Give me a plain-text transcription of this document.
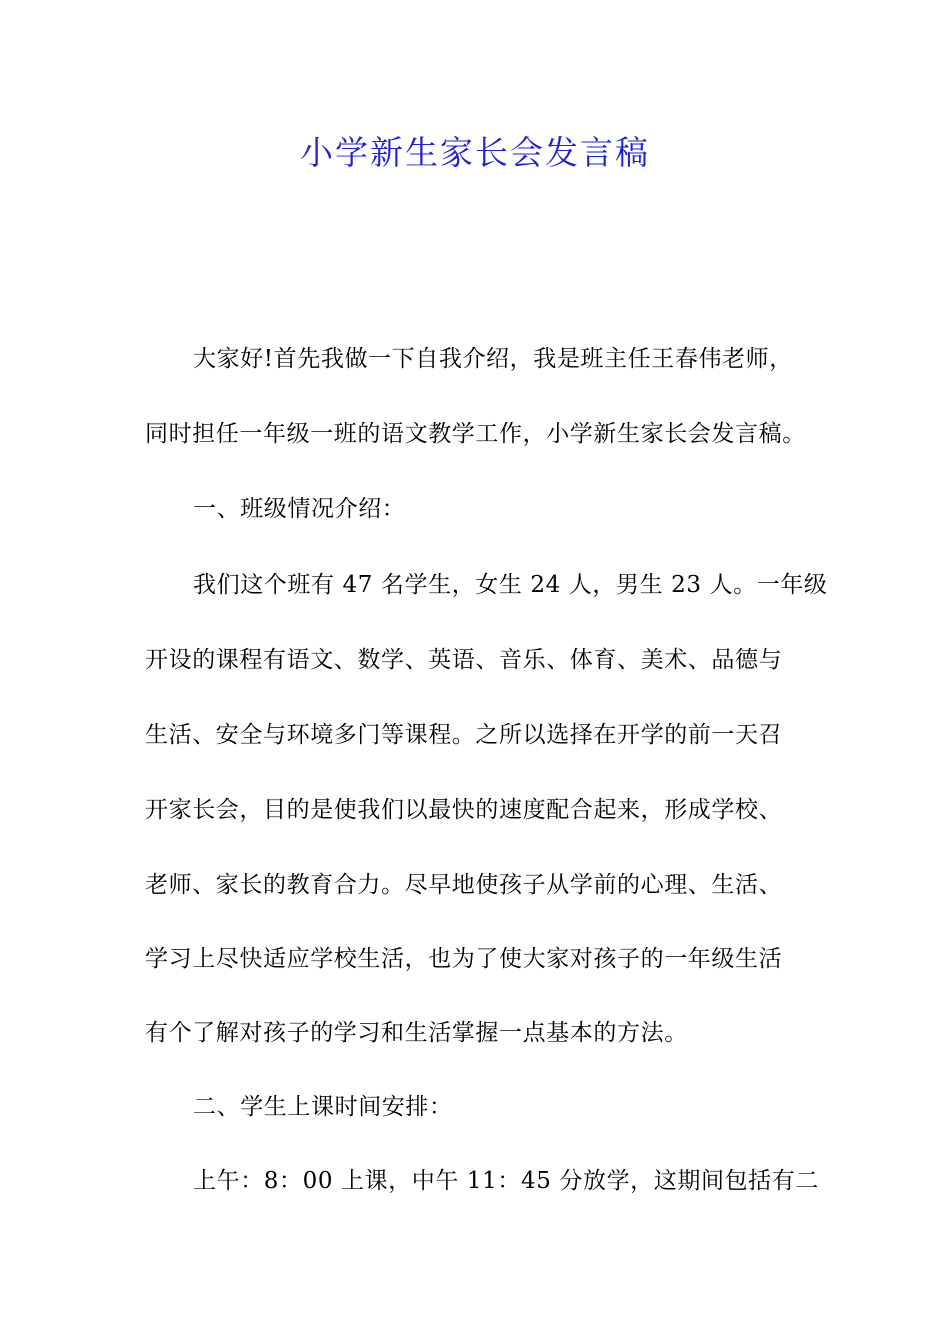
小学新生家长会发言稿
大家好!首先我做一下自我介绍，我是班主任王春伟老师，
同时担任一年级一班的语文教学工作，小学新生家长会发言稿。
一、班级情况介绍：
我们这个班有 47 名学生，女生 24 人，男生 23 人。一年级
开设的课程有语文、数学、英语、音乐、体育、美术、品德与
生活、安全与环境多门等课程。之所以选择在开学的前一天召
开家长会，目的是使我们以最快的速度配合起来，形成学校、
老师、家长的教育合力。尽早地使孩子从学前的心理、生活、
学习上尽快适应学校生活，也为了使大家对孩子的一年级生活
有个了解对孩子的学习和生活掌握一点基本的方法。
二、学生上课时间安排：
上午：8：00 上课，中午 11：45 分放学，这期间包括有二
